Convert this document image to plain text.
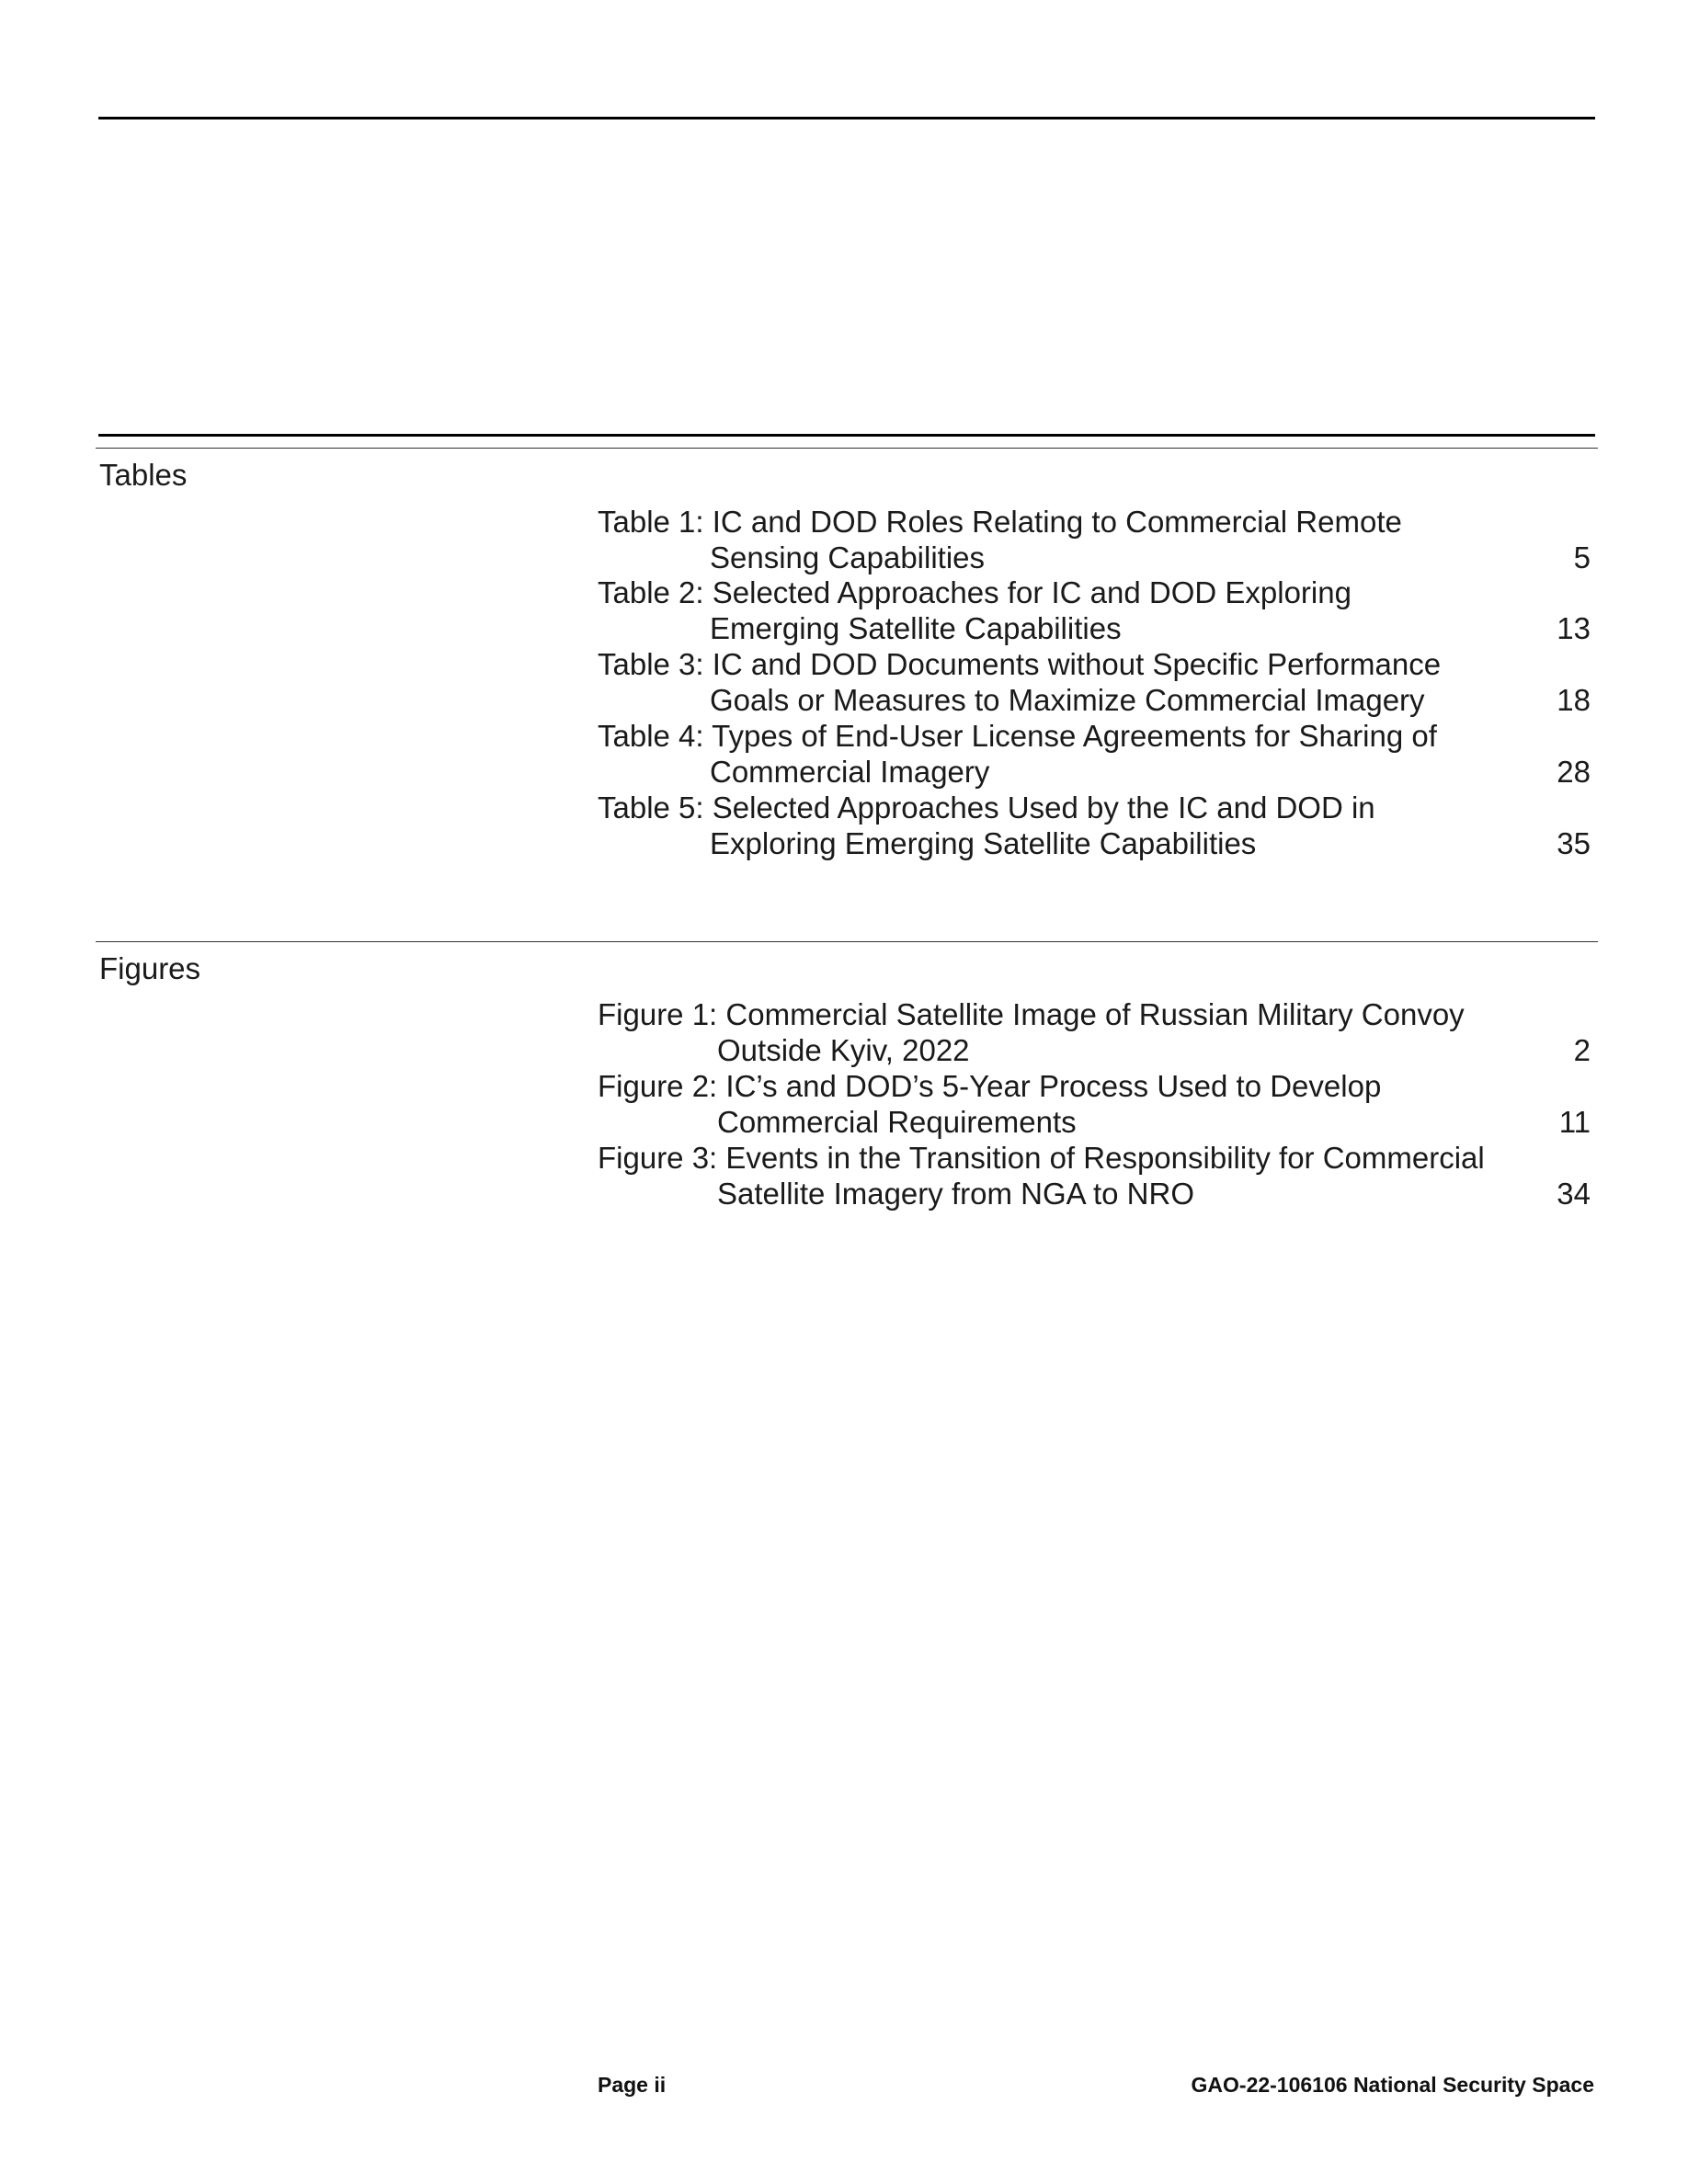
Tables
Table 1: IC and DOD Roles Relating to Commercial Remote
Sensing Capabilities	5
Table 2: Selected Approaches for IC and DOD Exploring
Emerging Satellite Capabilities	13
Table 3: IC and DOD Documents without Specific Performance
Goals or Measures to Maximize Commercial Imagery	18
Table 4: Types of End-User License Agreements for Sharing of
Commercial Imagery	28
Table 5: Selected Approaches Used by the IC and DOD in
Exploring Emerging Satellite Capabilities	35
Figures
Figure 1: Commercial Satellite Image of Russian Military Convoy
Outside Kyiv, 2022	2
Figure 2: IC’s and DOD’s 5-Year Process Used to Develop
Commercial Requirements	11
Figure 3: Events in the Transition of Responsibility for Commercial
Satellite Imagery from NGA to NRO	34
Page ii	GAO-22-106106 National Security Space
